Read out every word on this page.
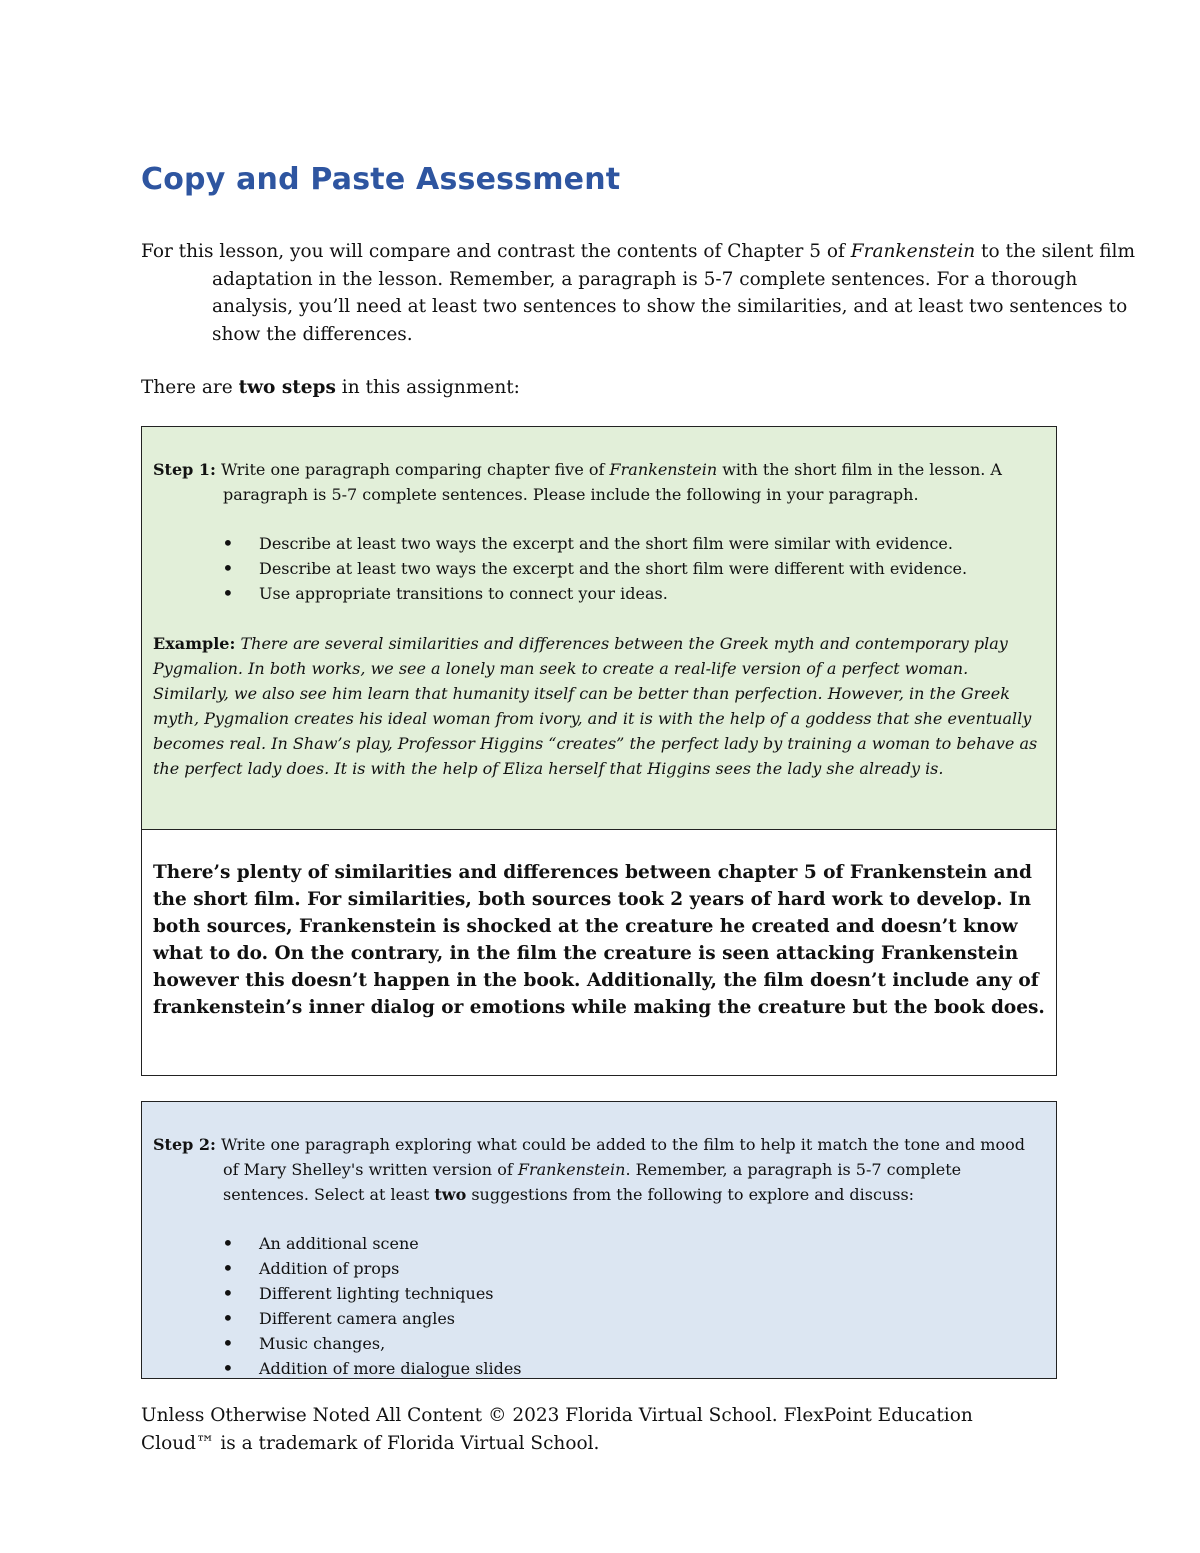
Copy and Paste Assessment

For this lesson, you will compare and contrast the contents of Chapter 5 of Frankenstein to the silent film adaptation in the lesson. Remember, a paragraph is 5-7 complete sentences. For a thorough analysis, you’ll need at least two sentences to show the similarities, and at least two sentences to show the differences.

There are two steps in this assignment:

Step 1: Write one paragraph comparing chapter five of Frankenstein with the short film in the lesson. A paragraph is 5-7 complete sentences. Please include the following in your paragraph.

• Describe at least two ways the excerpt and the short film were similar with evidence.
• Describe at least two ways the excerpt and the short film were different with evidence.
• Use appropriate transitions to connect your ideas.

Example: There are several similarities and differences between the Greek myth and contemporary play Pygmalion. In both works, we see a lonely man seek to create a real-life version of a perfect woman. Similarly, we also see him learn that humanity itself can be better than perfection. However, in the Greek myth, Pygmalion creates his ideal woman from ivory, and it is with the help of a goddess that she eventually becomes real. In Shaw’s play, Professor Higgins “creates” the perfect lady by training a woman to behave as the perfect lady does. It is with the help of Eliza herself that Higgins sees the lady she already is.

There’s plenty of similarities and differences between chapter 5 of Frankenstein and the short film. For similarities, both sources took 2 years of hard work to develop. In both sources, Frankenstein is shocked at the creature he created and doesn’t know what to do. On the contrary, in the film the creature is seen attacking Frankenstein however this doesn’t happen in the book. Additionally, the film doesn’t include any of frankenstein’s inner dialog or emotions while making the creature but the book does.

Step 2: Write one paragraph exploring what could be added to the film to help it match the tone and mood of Mary Shelley's written version of Frankenstein. Remember, a paragraph is 5-7 complete sentences. Select at least two suggestions from the following to explore and discuss:

• An additional scene
• Addition of props
• Different lighting techniques
• Different camera angles
• Music changes,
• Addition of more dialogue slides

Unless Otherwise Noted All Content © 2023 Florida Virtual School. FlexPoint Education Cloud™ is a trademark of Florida Virtual School.
